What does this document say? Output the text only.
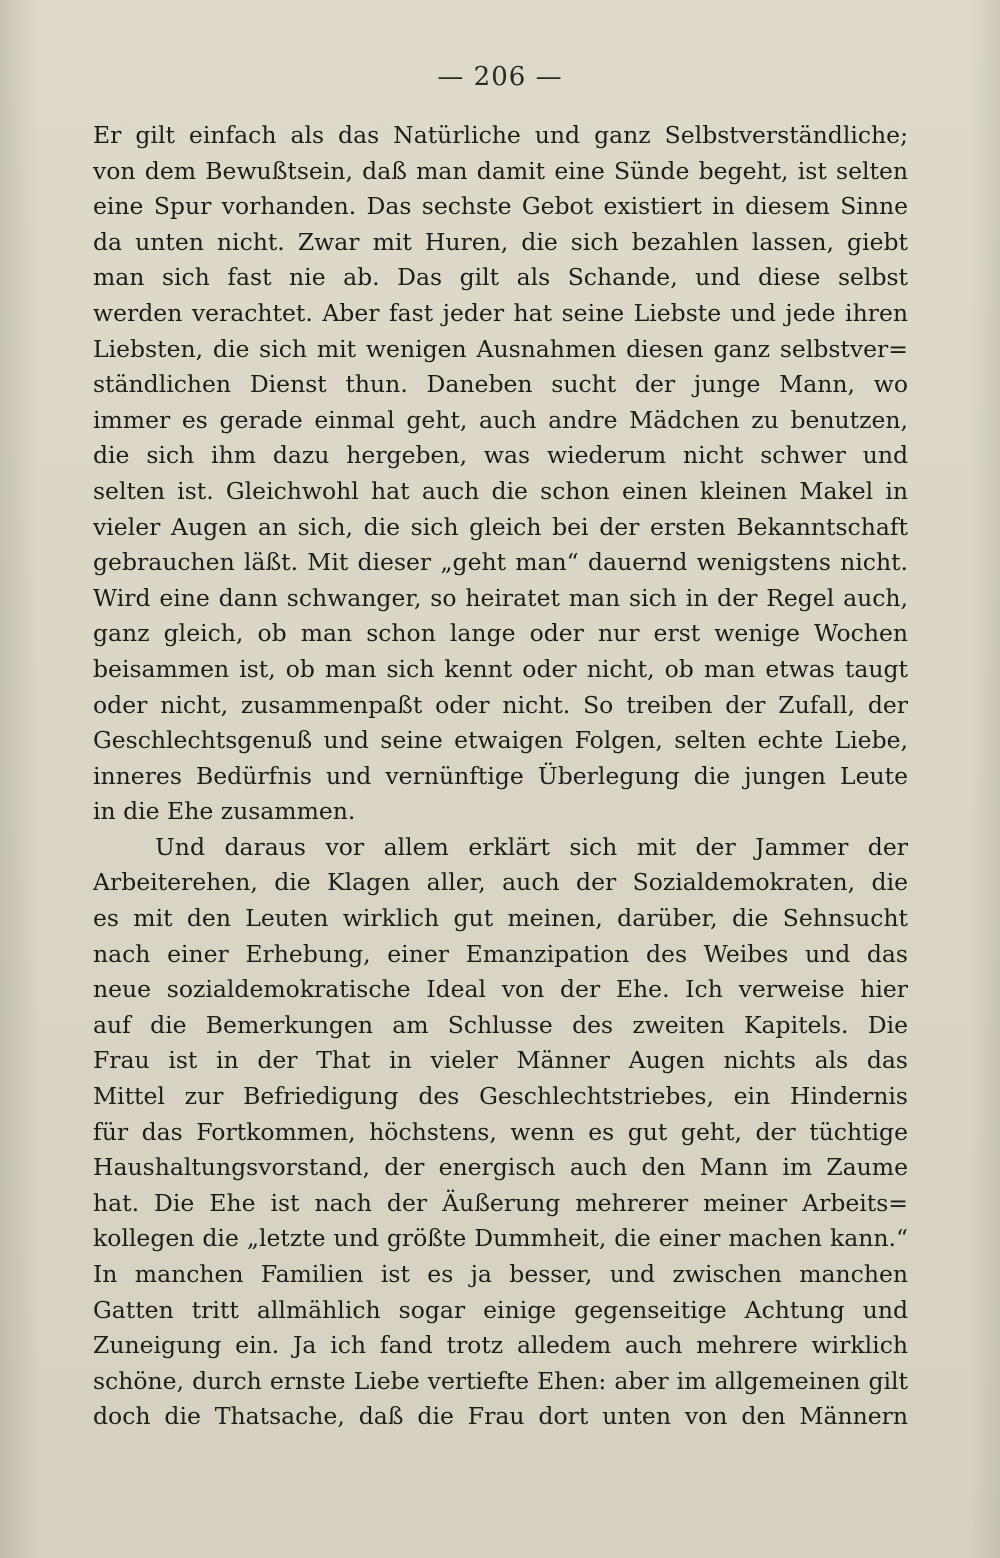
— 206 —
Er gilt einfach als das Natürliche und ganz Selbstverständliche;
von dem Bewußtsein, daß man damit eine Sünde begeht, ist selten
eine Spur vorhanden. Das sechste Gebot existiert in diesem Sinne
da unten nicht. Zwar mit Huren, die sich bezahlen lassen, giebt
man sich fast nie ab. Das gilt als Schande, und diese selbst
werden verachtet. Aber fast jeder hat seine Liebste und jede ihren
Liebsten, die sich mit wenigen Ausnahmen diesen ganz selbstver=
ständlichen Dienst thun. Daneben sucht der junge Mann, wo
immer es gerade einmal geht, auch andre Mädchen zu benutzen,
die sich ihm dazu hergeben, was wiederum nicht schwer und
selten ist. Gleichwohl hat auch die schon einen kleinen Makel in
vieler Augen an sich, die sich gleich bei der ersten Bekanntschaft
gebrauchen läßt. Mit dieser „geht man“ dauernd wenigstens nicht.
Wird eine dann schwanger, so heiratet man sich in der Regel auch,
ganz gleich, ob man schon lange oder nur erst wenige Wochen
beisammen ist, ob man sich kennt oder nicht, ob man etwas taugt
oder nicht, zusammenpaßt oder nicht. So treiben der Zufall, der
Geschlechtsgenuß und seine etwaigen Folgen, selten echte Liebe,
inneres Bedürfnis und vernünftige Überlegung die jungen Leute
in die Ehe zusammen.
Und daraus vor allem erklärt sich mit der Jammer der
Arbeiterehen, die Klagen aller, auch der Sozialdemokraten, die
es mit den Leuten wirklich gut meinen, darüber, die Sehnsucht
nach einer Erhebung, einer Emanzipation des Weibes und das
neue sozialdemokratische Ideal von der Ehe. Ich verweise hier
auf die Bemerkungen am Schlusse des zweiten Kapitels. Die
Frau ist in der That in vieler Männer Augen nichts als das
Mittel zur Befriedigung des Geschlechtstriebes, ein Hindernis
für das Fortkommen, höchstens, wenn es gut geht, der tüchtige
Haushaltungsvorstand, der energisch auch den Mann im Zaume
hat. Die Ehe ist nach der Äußerung mehrerer meiner Arbeits=
kollegen die „letzte und größte Dummheit, die einer machen kann.“
In manchen Familien ist es ja besser, und zwischen manchen
Gatten tritt allmählich sogar einige gegenseitige Achtung und
Zuneigung ein. Ja ich fand trotz alledem auch mehrere wirklich
schöne, durch ernste Liebe vertiefte Ehen: aber im allgemeinen gilt
doch die Thatsache, daß die Frau dort unten von den Männern
